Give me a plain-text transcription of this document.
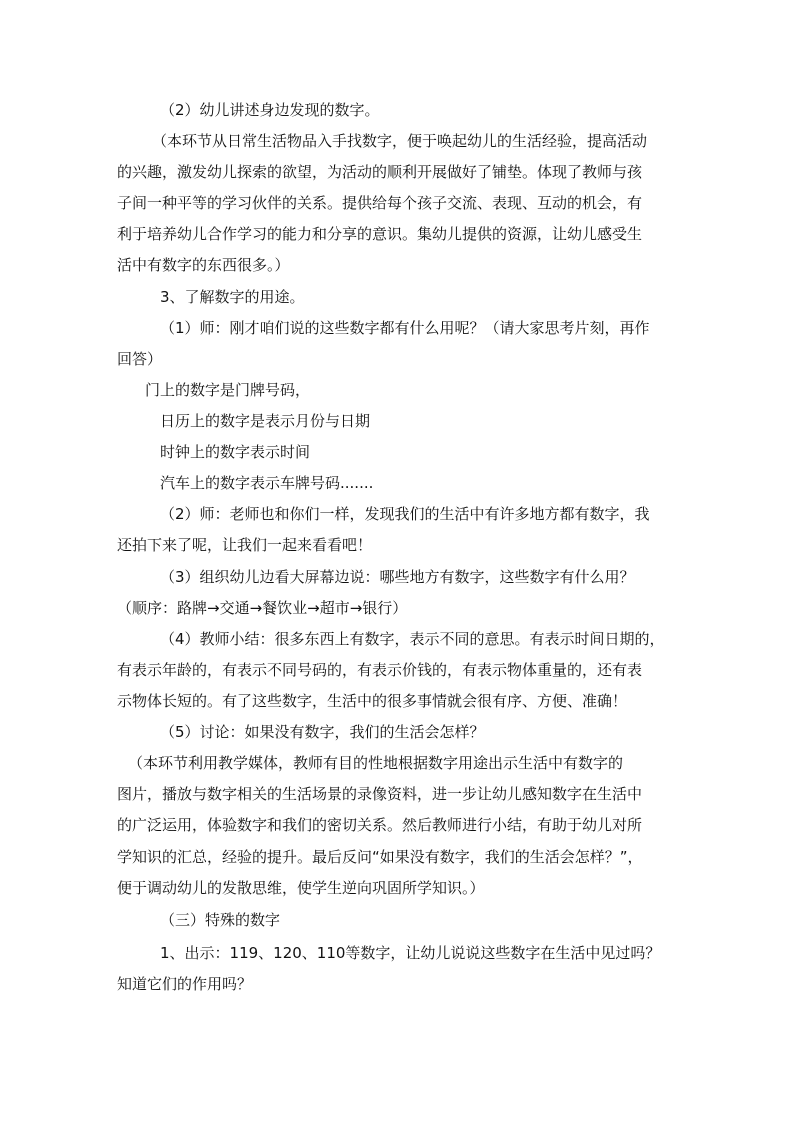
（2）幼儿讲述身边发现的数字。
（本环节从日常生活物品入手找数字，便于唤起幼儿的生活经验，提高活动
的兴趣，激发幼儿探索的欲望，为活动的顺利开展做好了铺垫。体现了教师与孩
子间一种平等的学习伙伴的关系。提供给每个孩子交流、表现、互动的机会，有
利于培养幼儿合作学习的能力和分享的意识。集幼儿提供的资源，让幼儿感受生
活中有数字的东西很多。）
3、了解数字的用途。
（1）师：刚才咱们说的这些数字都有什么用呢？（请大家思考片刻，再作
回答）
门上的数字是门牌号码，
日历上的数字是表示月份与日期
时钟上的数字表示时间
汽车上的数字表示车牌号码.......
（2）师：老师也和你们一样，发现我们的生活中有许多地方都有数字，我
还拍下来了呢，让我们一起来看看吧！
（3）组织幼儿边看大屏幕边说：哪些地方有数字，这些数字有什么用？
（顺序：路牌→交通→餐饮业→超市→银行）
（4）教师小结：很多东西上有数字，表示不同的意思。有表示时间日期的，
有表示年龄的，有表示不同号码的，有表示价钱的，有表示物体重量的，还有表
示物体长短的。有了这些数字，生活中的很多事情就会很有序、方便、准确！
（5）讨论：如果没有数字，我们的生活会怎样？
（本环节利用教学媒体，教师有目的性地根据数字用途出示生活中有数字的
图片，播放与数字相关的生活场景的录像资料，进一步让幼儿感知数字在生活中
的广泛运用，体验数字和我们的密切关系。然后教师进行小结，有助于幼儿对所
学知识的汇总，经验的提升。最后反问“如果没有数字，我们的生活会怎样？”，
便于调动幼儿的发散思维，使学生逆向巩固所学知识。）
（三）特殊的数字
1、出示：119、120、110等数字，让幼儿说说这些数字在生活中见过吗？
知道它们的作用吗？
